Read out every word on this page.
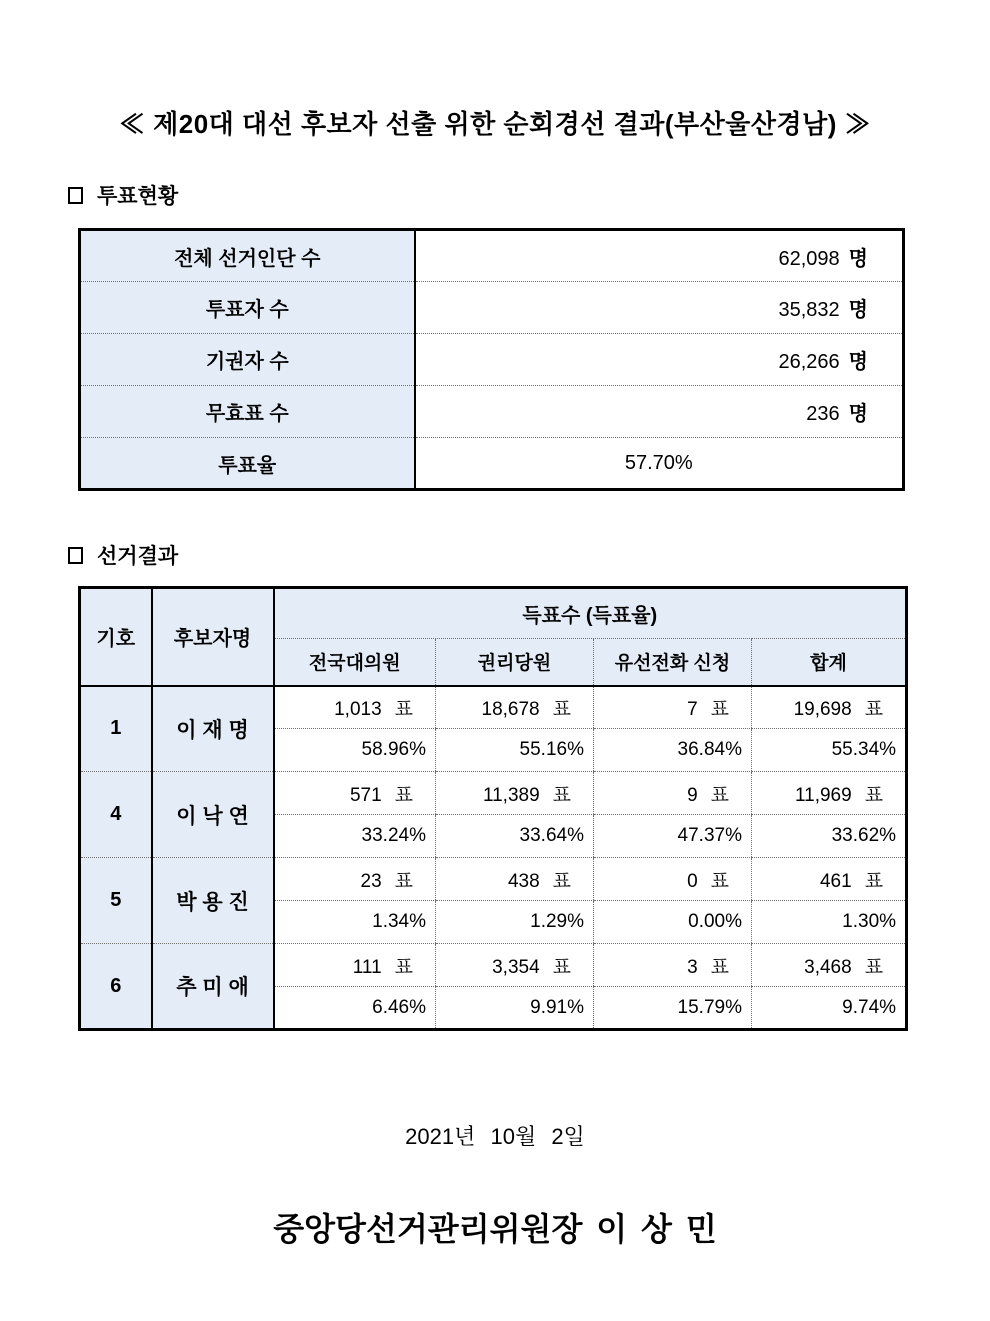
≪ 제20대 대선 후보자 선출 위한 순회경선 결과(부산울산경남) ≫
투표현황
전체 선거인단 수	62,098 명
투표자 수	35,832 명
기권자 수	26,266 명
무효표 수	236 명
투표율	57.70%
선거결과
기호	후보자명	득표수 (득표율)			
		전국대의원	권리당원	유선전화 신청	합계
1	이 재 명	1,013 표	18,678 표	7 표	19,698 표
		58.96%	55.16%	36.84%	55.34%
4	이 낙 연	571 표	11,389 표	9 표	11,969 표
		33.24%	33.64%	47.37%	33.62%
5	박 용 진	23 표	438 표	0 표	461 표
		1.34%	1.29%	0.00%	1.30%
6	추 미 애	111 표	3,354 표	3 표	3,468 표
		6.46%	9.91%	15.79%	9.74%
2021년 10월 2일
중앙당선거관리위원장 이 상 민
